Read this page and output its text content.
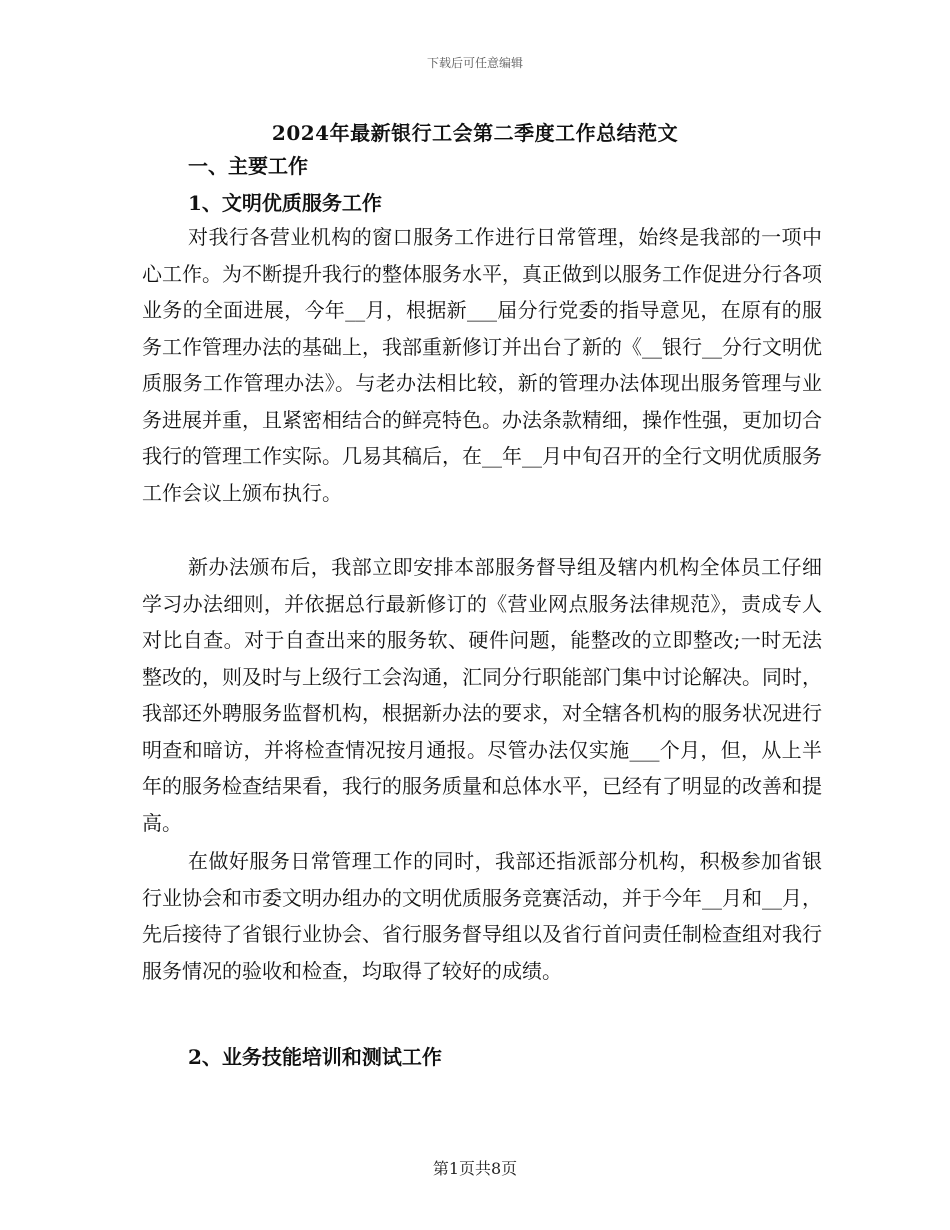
下载后可任意编辑
2024年最新银行工会第二季度工作总结范文
一、主要工作
1、文明优质服务工作
对我行各营业机构的窗口服务工作进行日常管理，始终是我部的一项中心工作。为不断提升我行的整体服务水平，真正做到以服务工作促进分行各项业务的全面进展，今年__月，根据新___届分行党委的指导意见，在原有的服务工作管理办法的基础上，我部重新修订并出台了新的《__银行__分行文明优质服务工作管理办法》。与老办法相比较，新的管理办法体现出服务管理与业务进展并重，且紧密相结合的鲜亮特色。办法条款精细，操作性强，更加切合我行的管理工作实际。几易其稿后，在__年__月中旬召开的全行文明优质服务工作会议上颁布执行。
新办法颁布后，我部立即安排本部服务督导组及辖内机构全体员工仔细学习办法细则，并依据总行最新修订的《营业网点服务法律规范》，责成专人对比自查。对于自查出来的服务软、硬件问题，能整改的立即整改;一时无法整改的，则及时与上级行工会沟通，汇同分行职能部门集中讨论解决。同时，我部还外聘服务监督机构，根据新办法的要求，对全辖各机构的服务状况进行明查和暗访，并将检查情况按月通报。尽管办法仅实施___个月，但，从上半年的服务检查结果看，我行的服务质量和总体水平，已经有了明显的改善和提高。
在做好服务日常管理工作的同时，我部还指派部分机构，积极参加省银行业协会和市委文明办组办的文明优质服务竞赛活动，并于今年__月和__月，先后接待了省银行业协会、省行服务督导组以及省行首问责任制检查组对我行服务情况的验收和检查，均取得了较好的成绩。
2、业务技能培训和测试工作
第1页共8页
